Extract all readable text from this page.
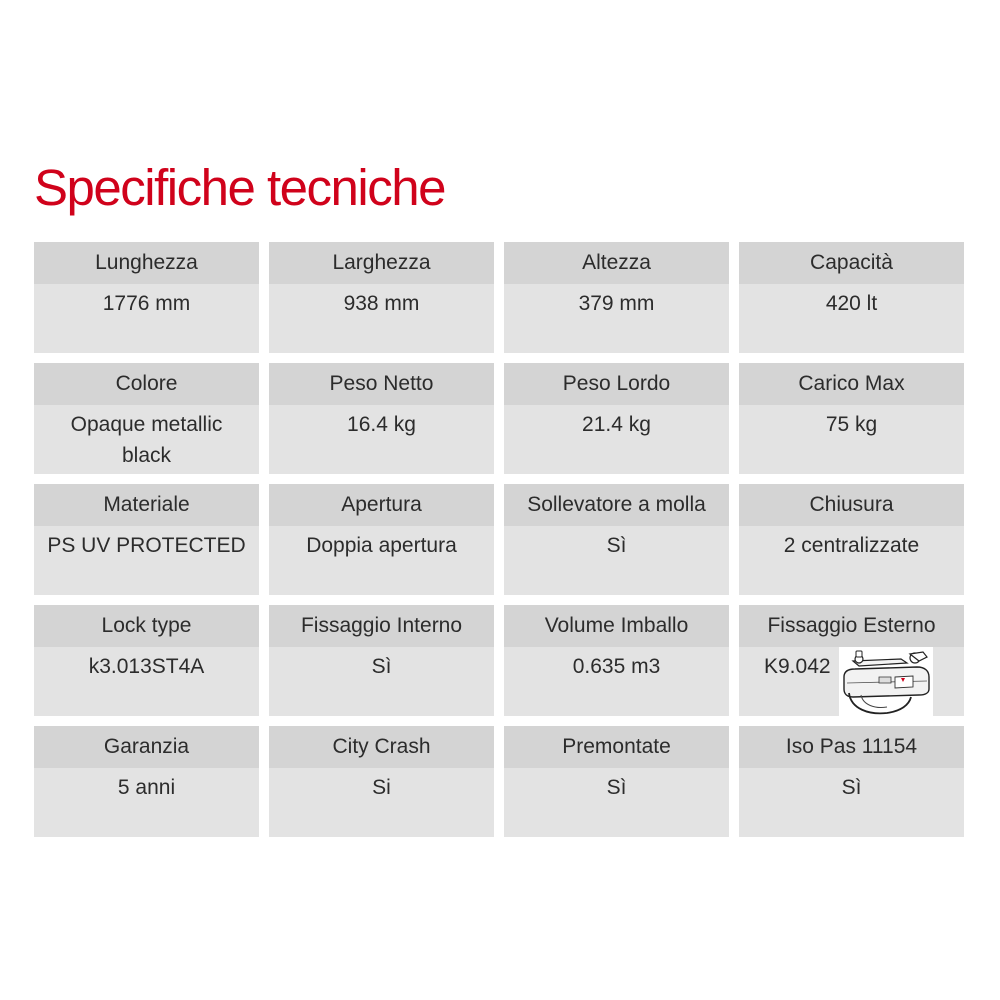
Specifiche tecniche
Lunghezza
1776 mm
Larghezza
938 mm
Altezza
379 mm
Capacità
420 lt
Colore
Opaque metallic black
Peso Netto
16.4 kg
Peso Lordo
21.4 kg
Carico Max
75 kg
Materiale
PS UV PROTECTED
Apertura
Doppia apertura
Sollevatore a molla
Sì
Chiusura
2 centralizzate
Lock type
k3.013ST4A
Fissaggio Interno
Sì
Volume Imballo
0.635 m3
Fissaggio Esterno
K9.042
Garanzia
5 anni
City Crash
Si
Premontate
Sì
Iso Pas 11154
Sì
